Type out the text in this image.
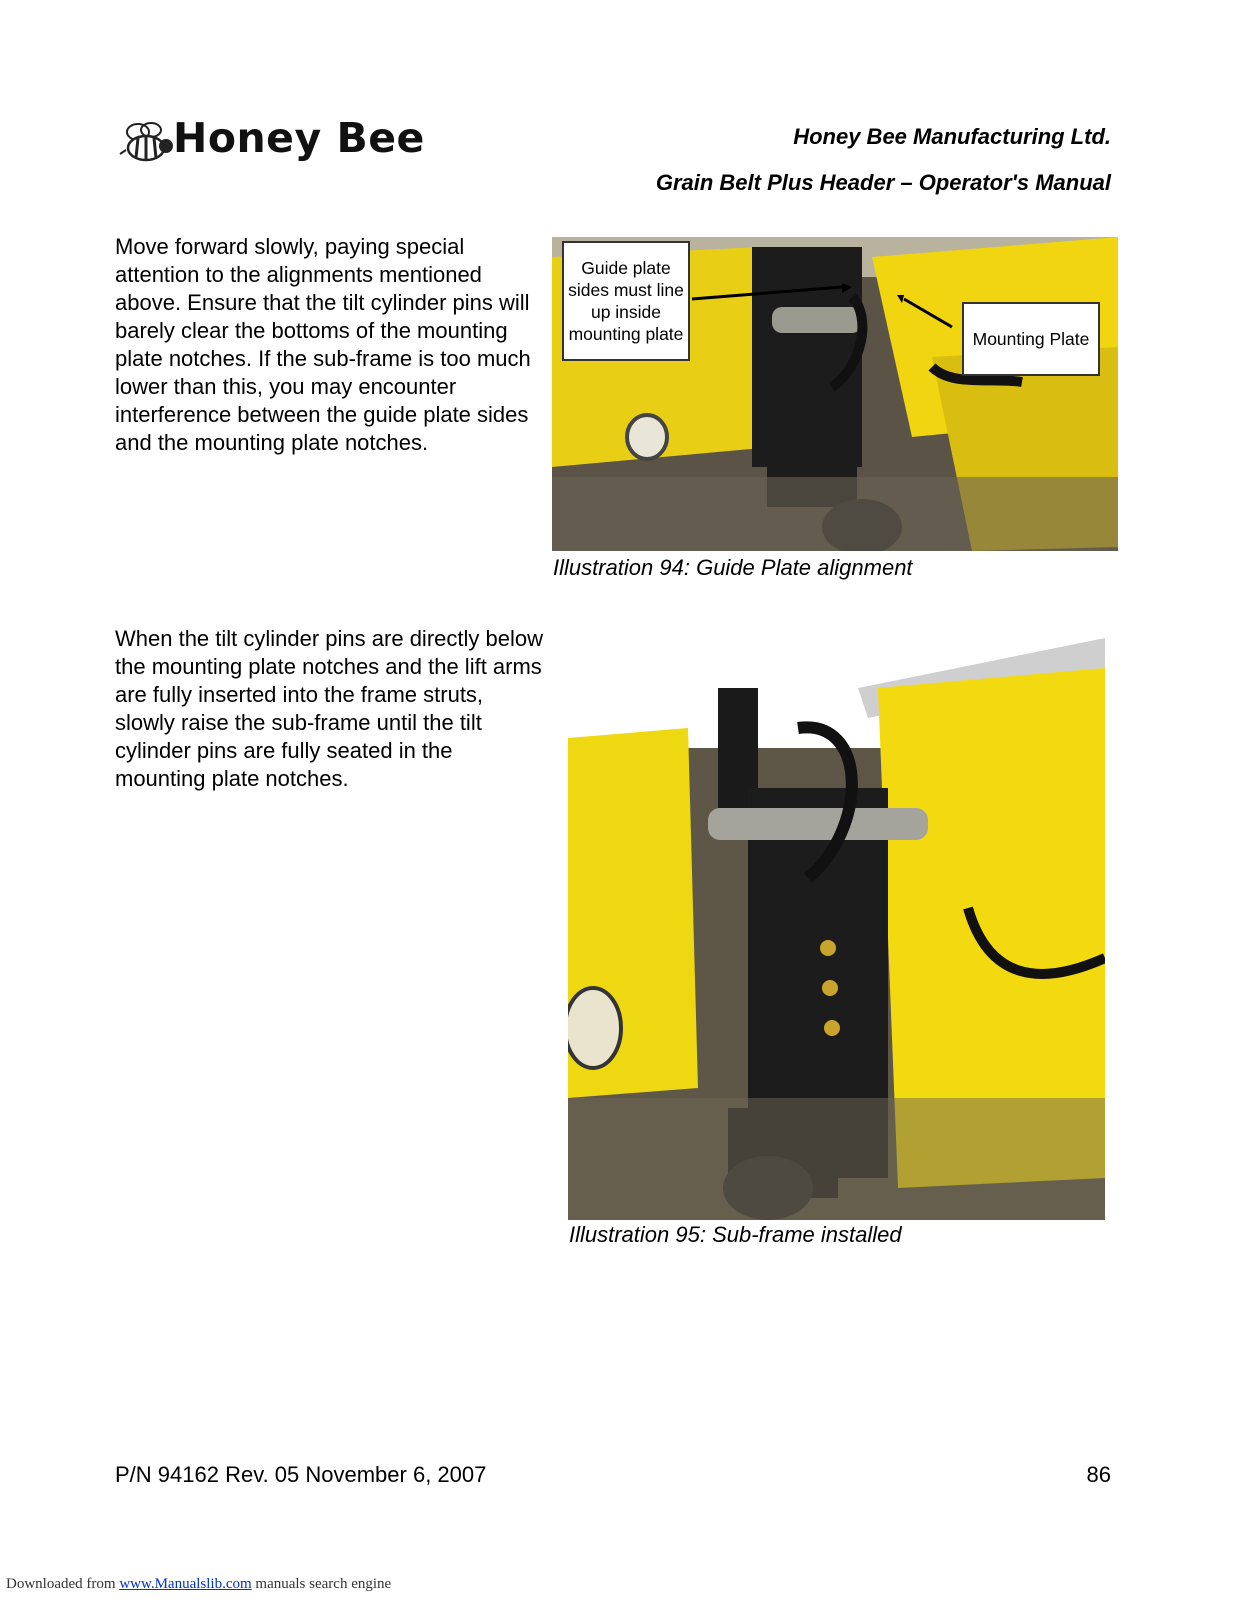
Honey Bee	Honey Bee Manufacturing Ltd.
Grain Belt Plus Header – Operator's Manual

Move forward slowly, paying special attention to the alignments mentioned above. Ensure that the tilt cylinder pins will barely clear the bottoms of the mounting plate notches. If the sub-frame is too much lower than this, you may encounter interference between the guide plate sides and the mounting plate notches.

Guide plate sides must line up inside mounting plate	Mounting Plate
Illustration 94: Guide Plate alignment

When the tilt cylinder pins are directly below the mounting plate notches and the lift arms are fully inserted into the frame struts, slowly raise the sub-frame until the tilt cylinder pins are fully seated in the mounting plate notches.

Illustration 95: Sub-frame installed
P/N 94162 Rev. 05 November 6, 2007	86
Downloaded from www.Manualslib.com manuals search engine
